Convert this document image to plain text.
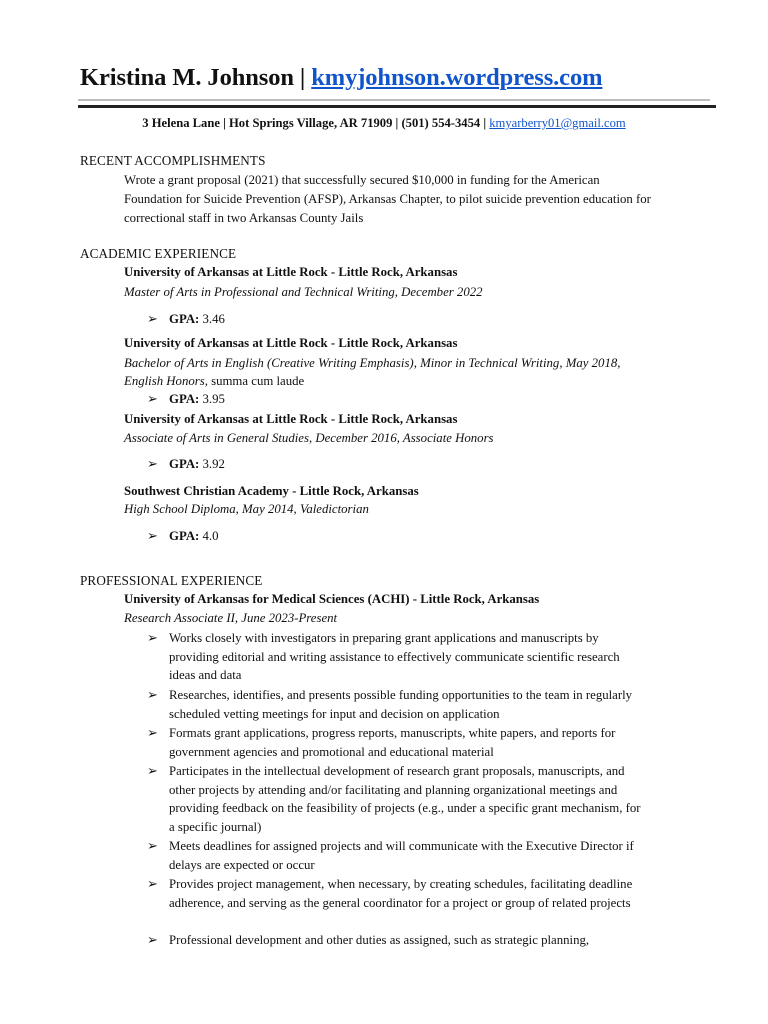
Kristina M. Johnson | kmyjohnson.wordpress.com
3 Helena Lane | Hot Springs Village, AR 71909 | (501) 554-3454 | kmyarberry01@gmail.com
RECENT ACCOMPLISHMENTS
Wrote a grant proposal (2021) that successfully secured $10,000 in funding for the American
Foundation for Suicide Prevention (AFSP), Arkansas Chapter, to pilot suicide prevention education for
correctional staff in two Arkansas County Jails
ACADEMIC EXPERIENCE
University of Arkansas at Little Rock - Little Rock, Arkansas
Master of Arts in Professional and Technical Writing, December 2022
➢ GPA: 3.46
University of Arkansas at Little Rock - Little Rock, Arkansas
Bachelor of Arts in English (Creative Writing Emphasis), Minor in Technical Writing, May 2018,
English Honors, summa cum laude
➢ GPA: 3.95
University of Arkansas at Little Rock - Little Rock, Arkansas
Associate of Arts in General Studies, December 2016, Associate Honors
➢ GPA: 3.92
Southwest Christian Academy - Little Rock, Arkansas
High School Diploma, May 2014, Valedictorian
➢ GPA: 4.0
PROFESSIONAL EXPERIENCE
University of Arkansas for Medical Sciences (ACHI) - Little Rock, Arkansas
Research Associate II, June 2023-Present
➢ Works closely with investigators in preparing grant applications and manuscripts by providing editorial and writing assistance to effectively communicate scientific research ideas and data
➢ Researches, identifies, and presents possible funding opportunities to the team in regularly scheduled vetting meetings for input and decision on application
➢ Formats grant applications, progress reports, manuscripts, white papers, and reports for government agencies and promotional and educational material
➢ Participates in the intellectual development of research grant proposals, manuscripts, and other projects by attending and/or facilitating and planning organizational meetings and providing feedback on the feasibility of projects (e.g., under a specific grant mechanism, for a specific journal)
➢ Meets deadlines for assigned projects and will communicate with the Executive Director if delays are expected or occur
➢ Provides project management, when necessary, by creating schedules, facilitating deadline adherence, and serving as the general coordinator for a project or group of related projects
➢ Professional development and other duties as assigned, such as strategic planning,
